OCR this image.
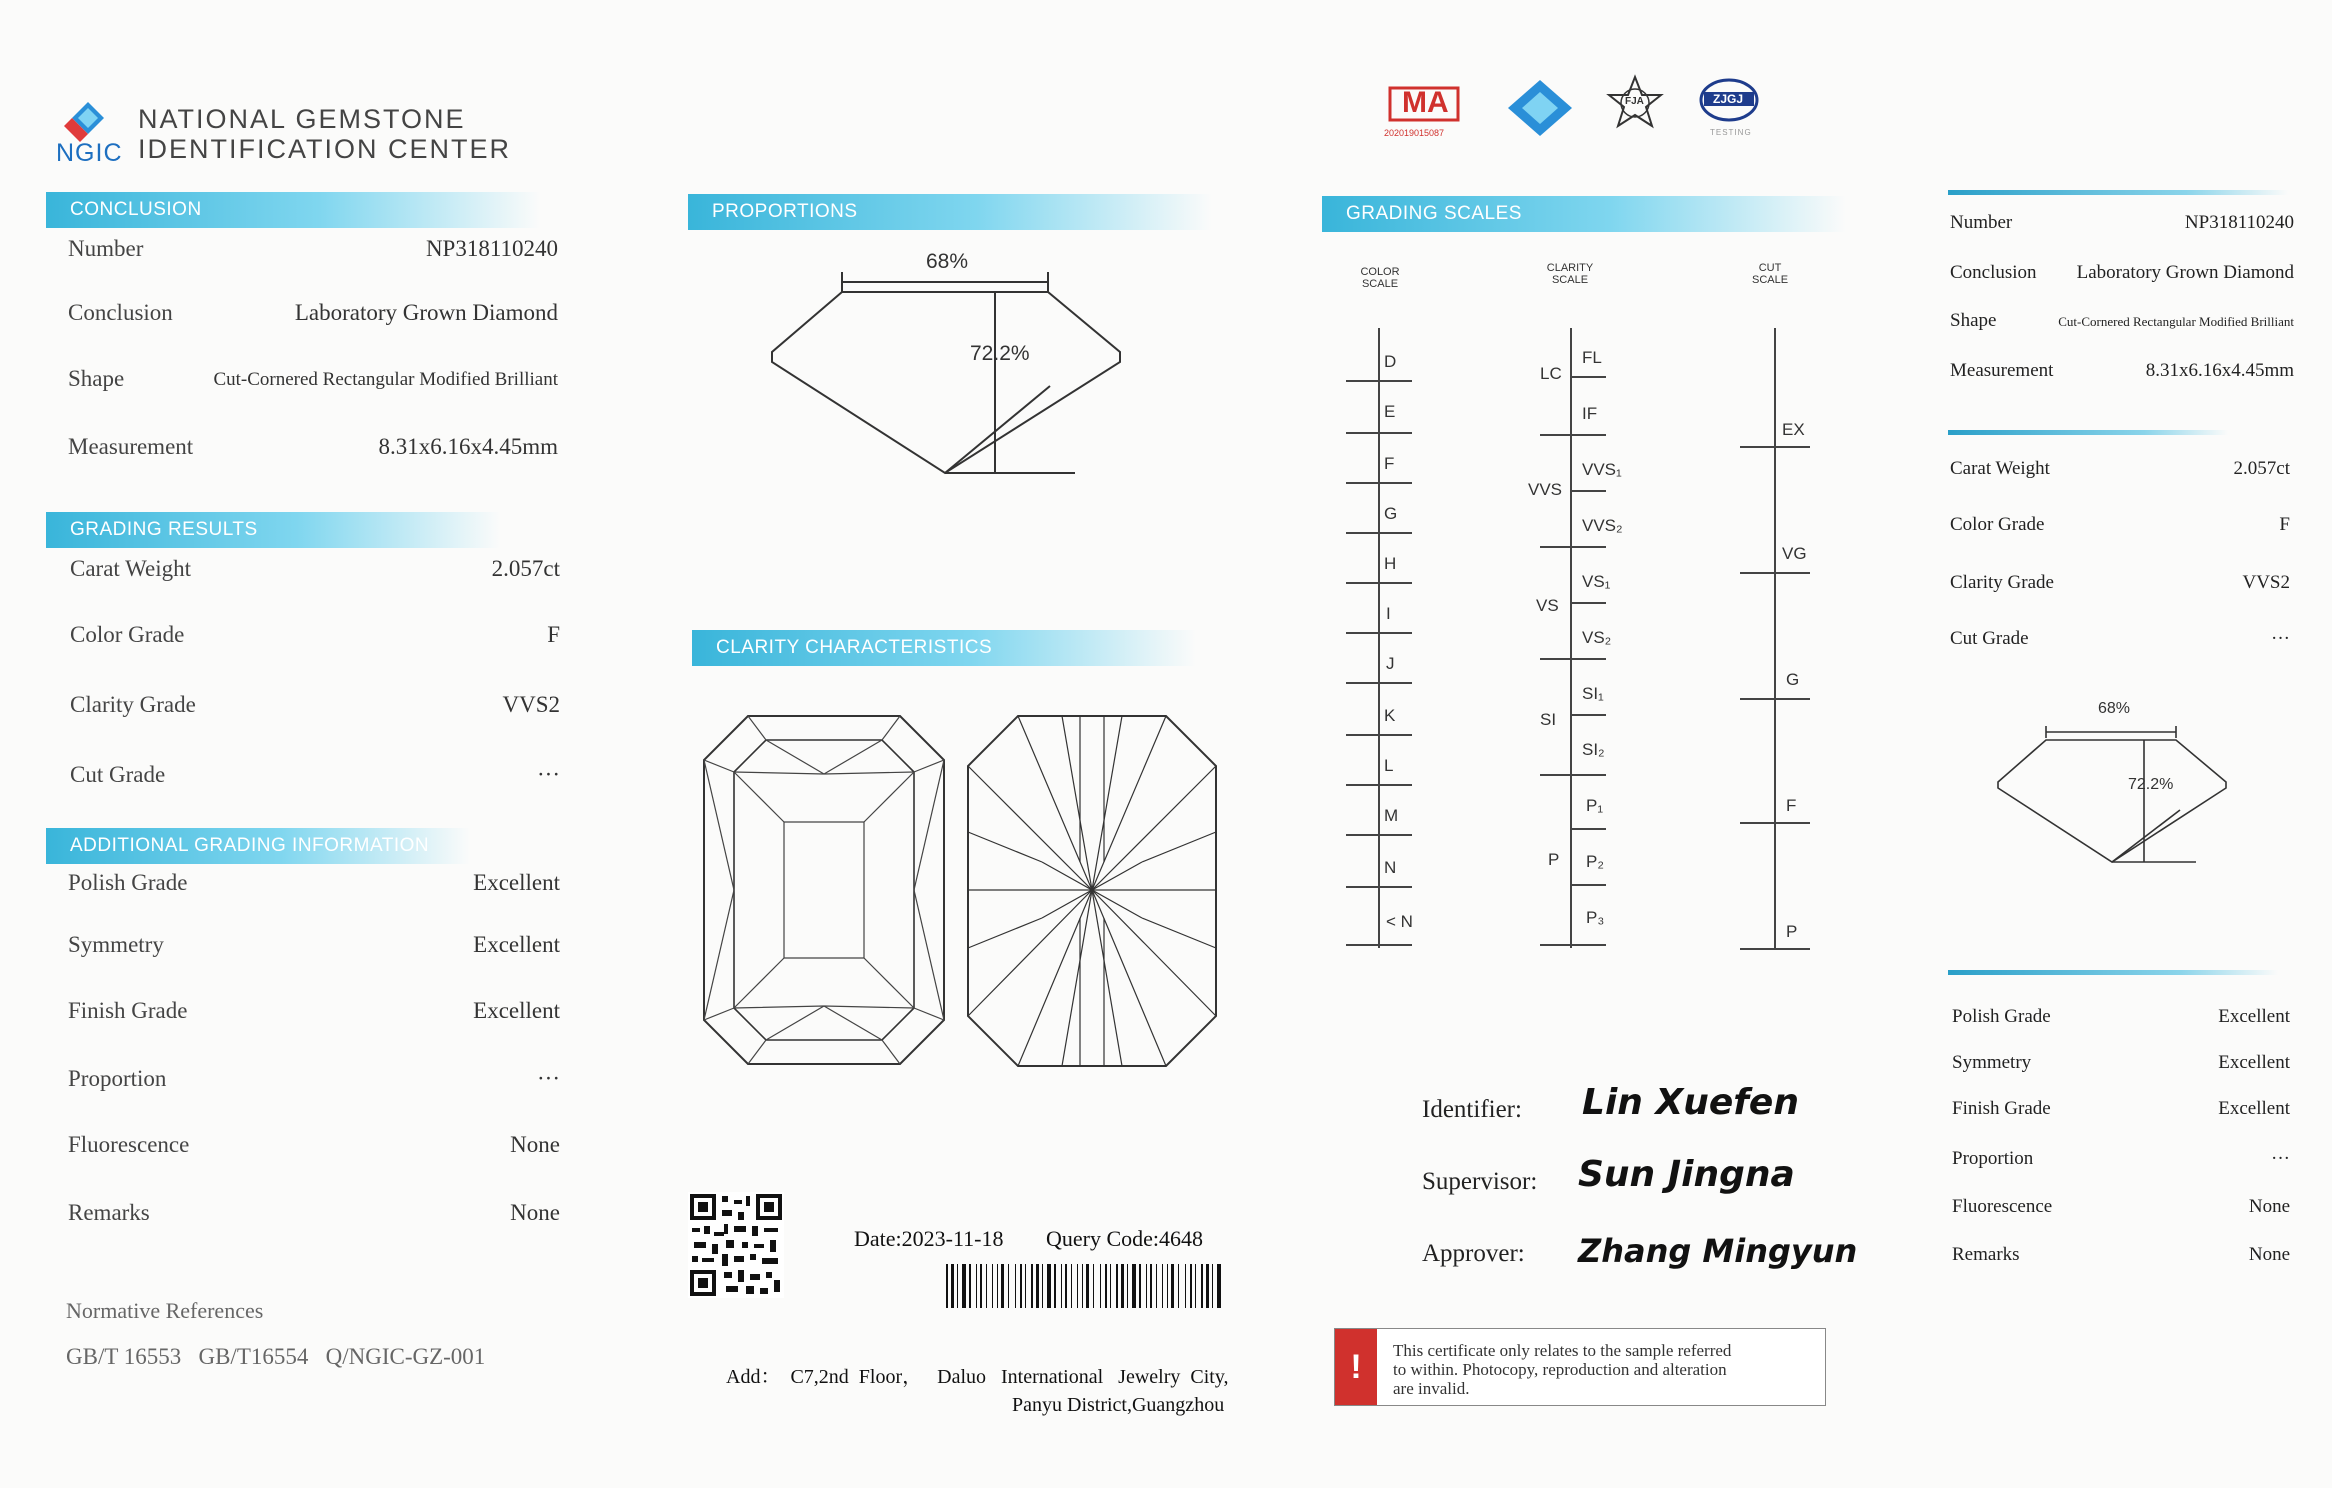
NGIC
NATIONAL GEMSTONE
IDENTIFICATION CENTER
CONCLUSION
Number	NP318110240
Conclusion	Laboratory Grown Diamond
Shape	Cut-Cornered Rectangular Modified Brilliant
Measurement	8.31x6.16x4.45mm
GRADING RESULTS
Carat Weight	2.057ct
Color Grade	F
Clarity Grade	VVS2
Cut Grade	···
ADDITIONAL GRADING INFORMATION
Polish Grade	Excellent
Symmetry	Excellent
Finish Grade	Excellent
Proportion	···
Fluorescence	None
Remarks	None
Normative References
GB/T 16553   GB/T16554   Q/NGIC-GZ-001
PROPORTIONS
68%
72.2%
CLARITY CHARACTERISTICS
Date:2023-11-18 Query Code:4648
Add：  C7,2nd  Floor，   Daluo   International   Jewelry  City,
Panyu District,Guangzhou
MA
202019015087
FJA	ZJGJ
TESTING
GRADING SCALES
COLOR
SCALE
CLARITY
SCALE
CUT
SCALE
D
E
F
G
H
I
J
K
L
M
N
< N
LC
VVS
VS
SI
P
FL
IF
VVS₁
VVS₂
VS₁
VS₂
SI₁
SI₂
P₁
P₂
P₃
EX
VG
G
F
P
Identifier: Lin Xuefen
Supervisor: Sun Jingna
Approver: Zhang Mingyun
!	This certificate only relates to the sample referred
to within. Photocopy, reproduction and alteration
are invalid.
Number	NP318110240
Conclusion Laboratory Grown Diamond
Shape	Cut-Cornered Rectangular Modified Brilliant
Measurement	8.31x6.16x4.45mm
Carat Weight	2.057ct
Color Grade	F
Clarity Grade	VVS2
Cut Grade	···
68%
72.2%
Polish Grade	Excellent
Symmetry	Excellent
Finish Grade	Excellent
Proportion	···
Fluorescence	None
Remarks	None
